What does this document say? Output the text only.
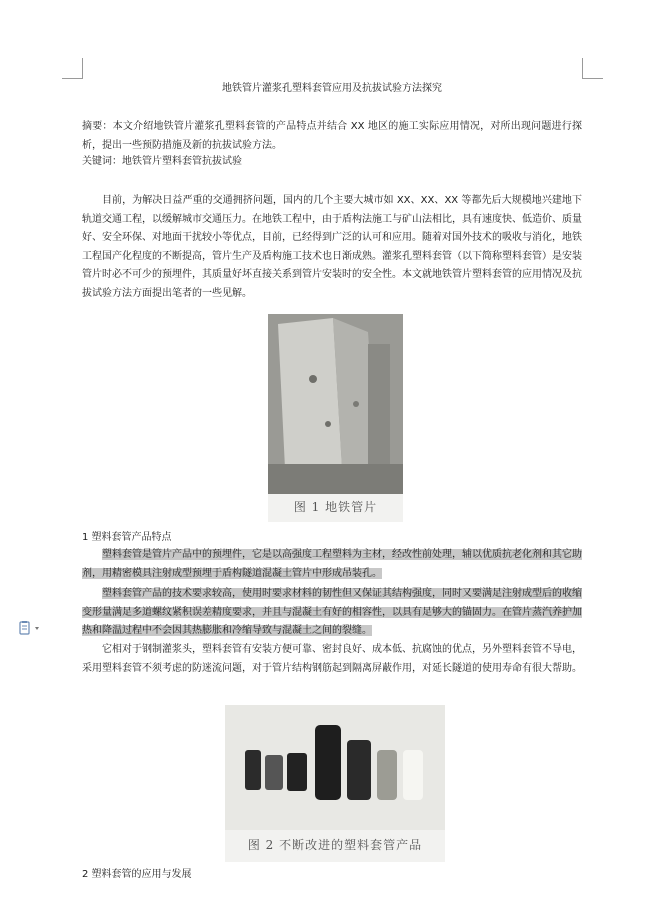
地铁管片灌浆孔塑料套管应用及抗拔试验方法探究

摘要：本文介绍地铁管片灌浆孔塑料套管的产品特点并结合 XX 地区的施工实际应用情况，对所出现问题进行探析，提出一些预防措施及新的抗拔试验方法。

关键词：地铁管片塑料套管抗拔试验

目前，为解决日益严重的交通拥挤问题，国内的几个主要大城市如 XX、XX、XX 等都先后大规模地兴建地下轨道交通工程，以缓解城市交通压力。在地铁工程中，由于盾构法施工与矿山法相比，具有速度快、低造价、质量好、安全环保、对地面干扰较小等优点，目前，已经得到广泛的认可和应用。随着对国外技术的吸收与消化，地铁工程国产化程度的不断提高，管片生产及盾构施工技术也日渐成熟。灌浆孔塑料套管（以下简称塑料套管）是安装管片时必不可少的预埋件，其质量好坏直接关系到管片安装时的安全性。本文就地铁管片塑料套管的应用情况及抗拔试验方法方面提出笔者的一些见解。

图 1 地铁管片
1 塑料套管产品特点

塑料套管是管片产品中的预埋件，它是以高强度工程塑料为主材，经改性前处理，辅以优质抗老化剂和其它助剂，用精密模具注射成型预埋于盾构隧道混凝土管片中形成吊装孔。

塑料套管产品的技术要求较高，使用时要求材料的韧性但又保证其结构强度，同时又要满足注射成型后的收缩变形量满足多道螺纹紧积误差精度要求，并且与混凝土有好的相容性，以具有足够大的锚固力。在管片蒸汽养护加热和降温过程中不会因其热膨胀和冷缩导致与混凝土之间的裂缝。

它相对于钢制灌浆头，塑料套管有安装方便可靠、密封良好、成本低、抗腐蚀的优点，另外塑料套管不导电，采用塑料套管不须考虑的防迷流问题，对于管片结构钢筋起到隔离屏蔽作用，对延长隧道的使用寿命有很大帮助。

图 2 不断改进的塑料套管产品
2 塑料套管的应用与发展
